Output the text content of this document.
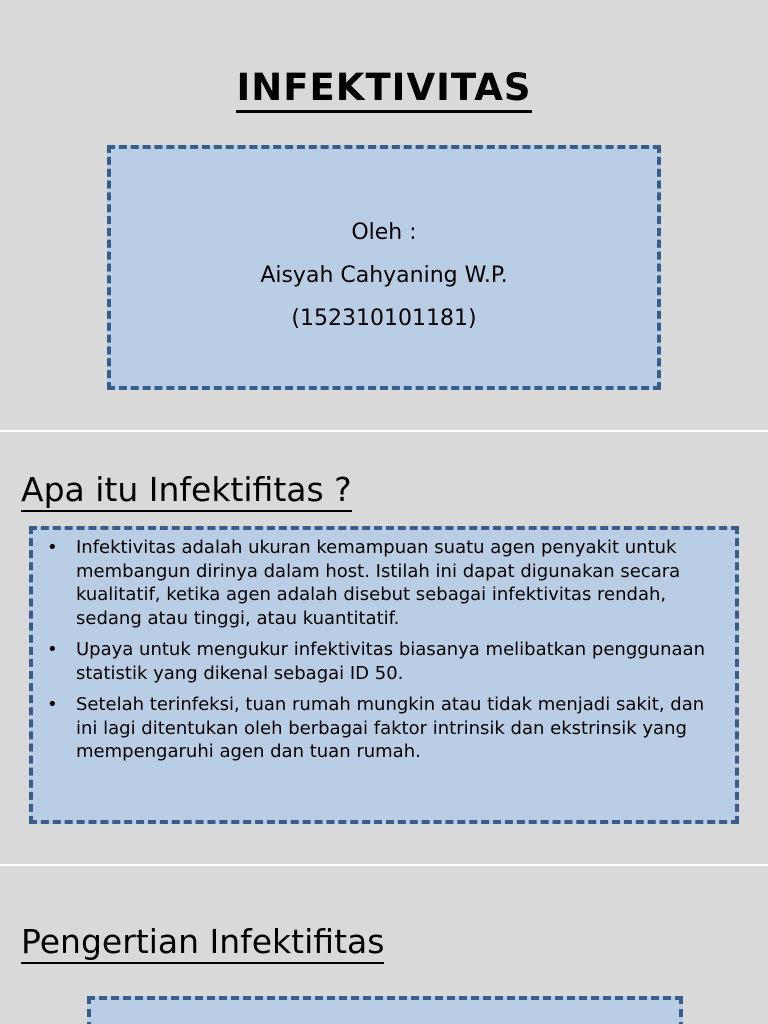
INFEKTIVITAS
Oleh :
Aisyah Cahyaning W.P.
(152310101181)
Apa itu Infektifitas ?
• Infektivitas adalah ukuran kemampuan suatu agen penyakit untuk membangun dirinya dalam host. Istilah ini dapat digunakan secara kualitatif, ketika agen adalah disebut sebagai infektivitas rendah, sedang atau tinggi, atau kuantitatif.
• Upaya untuk mengukur infektivitas biasanya melibatkan penggunaan statistik yang dikenal sebagai ID 50.
• Setelah terinfeksi, tuan rumah mungkin atau tidak menjadi sakit, dan ini lagi ditentukan oleh berbagai faktor intrinsik dan ekstrinsik yang mempengaruhi agen dan tuan rumah.
Pengertian Infektifitas
